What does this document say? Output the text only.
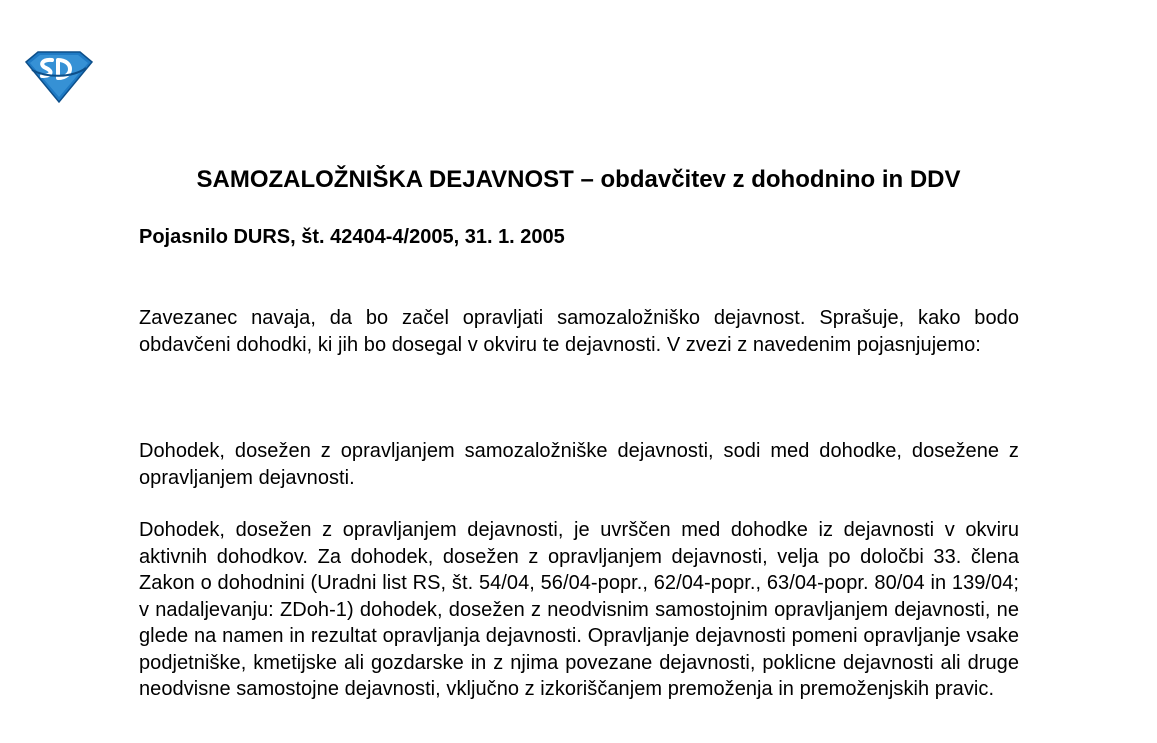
SAMOZALOŽNIŠKA DEJAVNOST – obdavčitev z dohodnino in DDV
Pojasnilo DURS, št. 42404-4/2005, 31. 1. 2005

Zavezanec navaja, da bo začel opravljati samozaložniško dejavnost. Sprašuje, kako bodo obdavčeni dohodki, ki jih bo dosegal v okviru te dejavnosti. V zvezi z navedenim pojasnjujemo:

Dohodek, dosežen z opravljanjem samozaložniške dejavnosti, sodi med dohodke, dosežene z opravljanjem dejavnosti.

Dohodek, dosežen z opravljanjem dejavnosti, je uvrščen med dohodke iz dejavnosti v okviru aktivnih dohodkov. Za dohodek, dosežen z opravljanjem dejavnosti, velja po določbi 33. člena Zakon o dohodnini (Uradni list RS, št. 54/04, 56/04-popr., 62/04-popr., 63/04-popr. 80/04 in 139/04; v nadaljevanju: ZDoh-1) dohodek, dosežen z neodvisnim samostojnim opravljanjem dejavnosti, ne glede na namen in rezultat opravljanja dejavnosti. Opravljanje dejavnosti pomeni opravljanje vsake podjetniške, kmetijske ali gozdarske in z njima povezane dejavnosti, poklicne dejavnosti ali druge neodvisne samostojne dejavnosti, vključno z izkoriščanjem premoženja in premoženjskih pravic.
